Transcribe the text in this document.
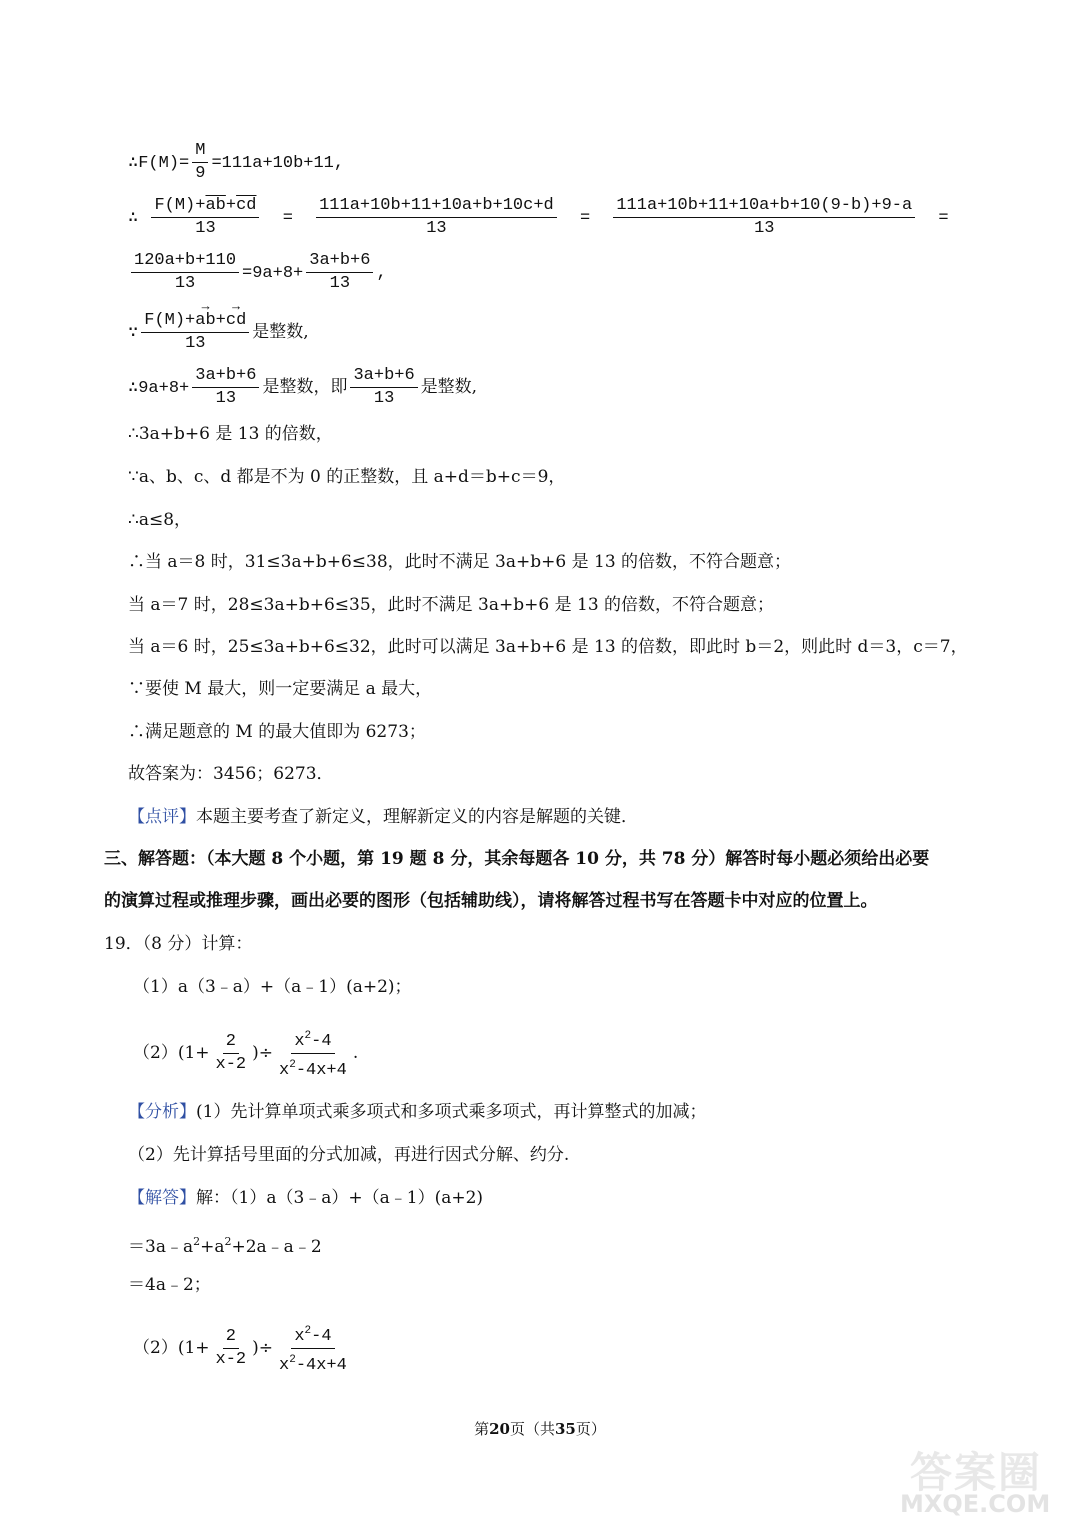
∴F(M)= $\frac{M}{9} =111a+10b+11$,
∴ $\frac{F(M)+\overline{ab}+\overline{cd}}{13} = \frac{111a+10b+11+10a+b+10c+d}{13} = \frac{111a+10b+11+10a+b+10(9-b)+9-a}{13}$ =
$\frac{120a+b+110}{13} =9a+8+ \frac{3a+b+6}{13}$ ,
∵ $\frac{F(M)+\to ab+\to cd}{13}$ 是整数,
∴9a+8+ $\frac{3a+b+6}{13}$ 是整数，即 $\frac{3a+b+6}{13}$ 是整数,
∴3a+b+6 是 13 的倍数，
∵a、b、c、d 都是不为 0 的正整数，且 a+d＝b+c＝9，
∴a≤8，
∴当 a＝8 时，31≤3a+b+6≤38，此时不满足 3a+b+6 是 13 的倍数，不符合题意；
当 a＝7 时，28≤3a+b+6≤35，此时不满足 3a+b+6 是 13 的倍数，不符合题意；
当 a＝6 时，25≤3a+b+6≤32，此时可以满足 3a+b+6 是 13 的倍数，即此时 b＝2，则此时 d＝3，c＝7，
∵要使 M 最大，则一定要满足 a 最大，
∴满足题意的 M 的最大值即为 6273；
故答案为：3456；6273．
【点评】本题主要考查了新定义，理解新定义的内容是解题的关键．
三、解答题：（本大题 8 个小题，第 19 题 8 分，其余每题各 10 分，共 78 分）解答时每小题必须给出必要
的演算过程或推理步骤，画出必要的图形（包括辅助线），请将解答过程书写在答题卡中对应的位置上。
19．（8 分）计算：
（1）a（3﹣a）+（a﹣1）(a+2)；
$(2)(1+ \frac{2}{x-2}$ )÷ $\frac{x^2-4}{x^2-4x+4}$ .
【分析】(1）先计算单项式乘多项式和多项式乘多项式，再计算整式的加减；
（2）先计算括号里面的分式加减，再进行因式分解、约分.
【解答】解：（1）a（3﹣a）+（a﹣1）(a+2)
$=3a﹣a^2+a^2+2a﹣a﹣2$
＝4a﹣2；
$(2)(1+ \frac{2}{x-2}$ )÷ $\frac{x^2-4}{x^2-4x+4}$
第20页（共35页）
答案圈
MXQE.COM
